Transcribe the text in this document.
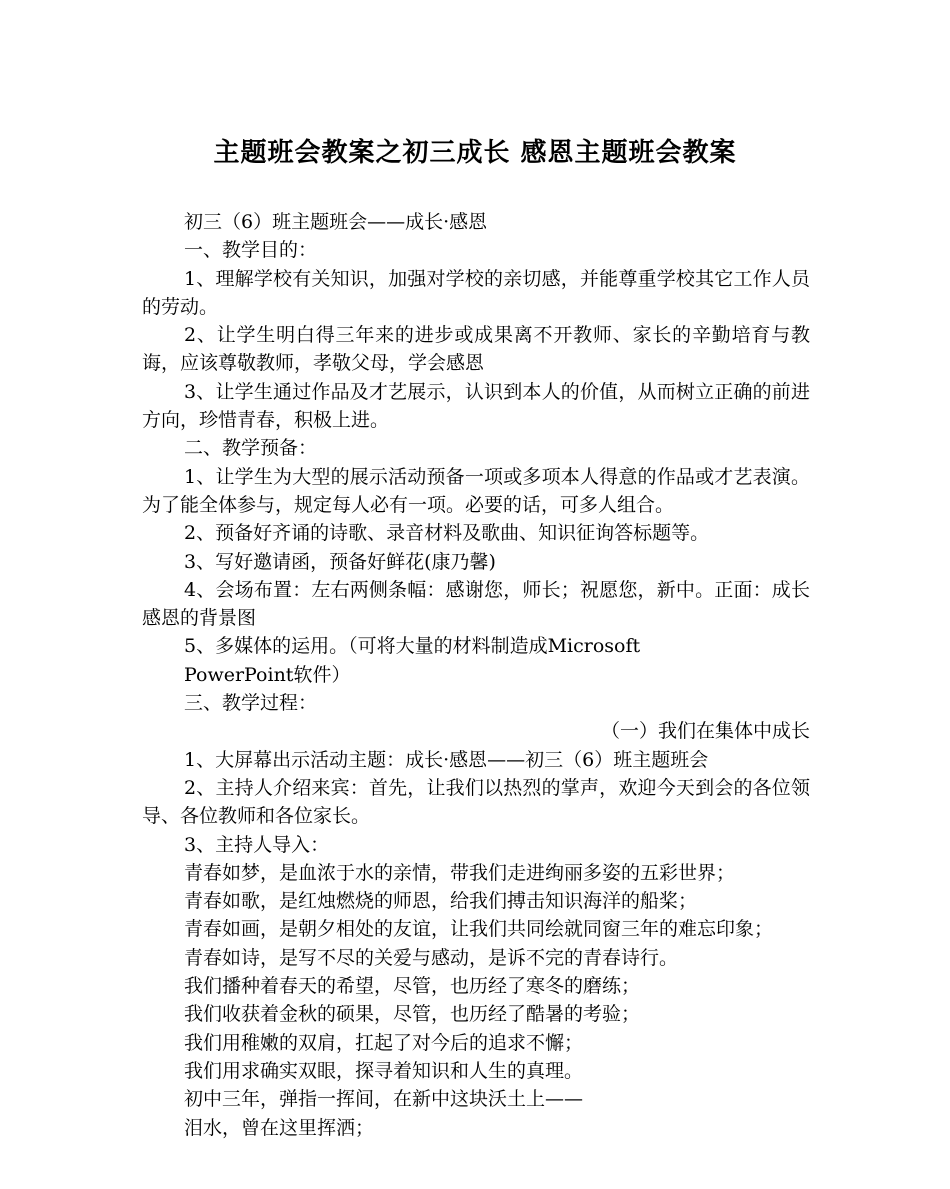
主题班会教案之初三成长 感恩主题班会教案

初三（6）班主题班会——成长·感恩

一、教学目的：

1、理解学校有关知识，加强对学校的亲切感，并能尊重学校其它工作人员的劳动。

2、让学生明白得三年来的进步或成果离不开教师、家长的辛勤培育与教诲，应该尊敬教师，孝敬父母，学会感恩

3、让学生通过作品及才艺展示，认识到本人的价值，从而树立正确的前进方向，珍惜青春，积极上进。

二、教学预备：

1、让学生为大型的展示活动预备一项或多项本人得意的作品或才艺表演。为了能全体参与，规定每人必有一项。必要的话，可多人组合。

2、预备好齐诵的诗歌、录音材料及歌曲、知识征询答标题等。

3、写好邀请函，预备好鲜花(康乃馨)

4、会场布置：左右两侧条幅：感谢您，师长；祝愿您，新中。正面：成长感恩的背景图

5、多媒体的运用。（可将大量的材料制造成Microsoft

PowerPoint软件）

三、教学过程：

（一）我们在集体中成长

1、大屏幕出示活动主题：成长·感恩——初三（6）班主题班会

2、主持人介绍来宾：首先，让我们以热烈的掌声，欢迎今天到会的各位领导、各位教师和各位家长。

3、主持人导入：

青春如梦，是血浓于水的亲情，带我们走进绚丽多姿的五彩世界；

青春如歌，是红烛燃烧的师恩，给我们搏击知识海洋的船桨；

青春如画，是朝夕相处的友谊，让我们共同绘就同窗三年的难忘印象；

青春如诗，是写不尽的关爱与感动，是诉不完的青春诗行。

我们播种着春天的希望，尽管，也历经了寒冬的磨练；

我们收获着金秋的硕果，尽管，也历经了酷暑的考验；

我们用稚嫩的双肩，扛起了对今后的追求不懈；

我们用求确实双眼，探寻着知识和人生的真理。

初中三年，弹指一挥间，在新中这块沃土上——

泪水，曾在这里挥洒；
